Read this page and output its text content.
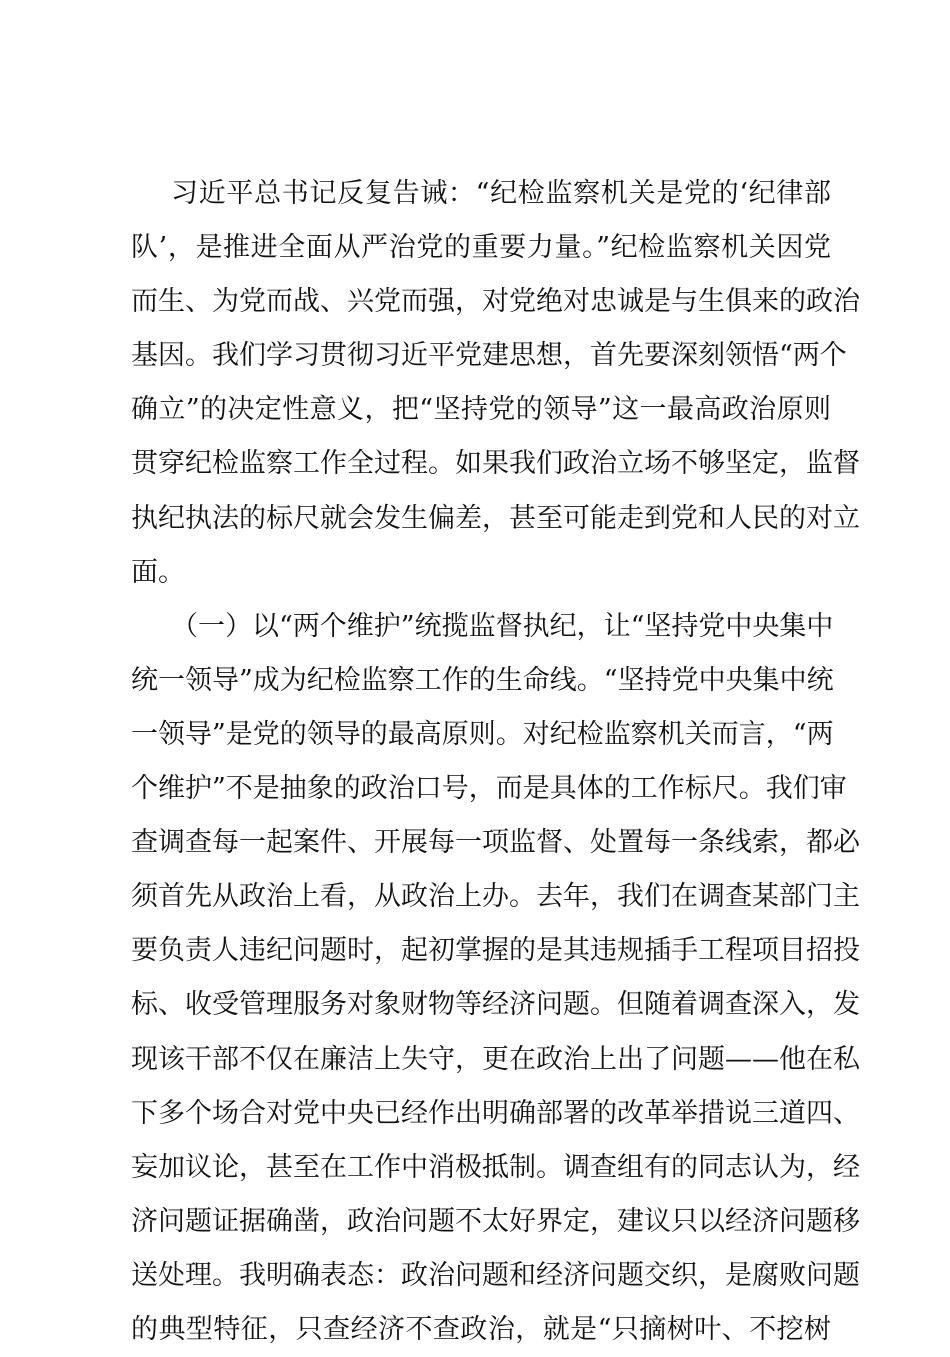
习近平总书记反复告诫：“纪检监察机关是党的‘纪律部
队’，是推进全面从严治党的重要力量。”纪检监察机关因党
而生、为党而战、兴党而强，对党绝对忠诚是与生俱来的政治
基因。我们学习贯彻习近平党建思想，首先要深刻领悟“两个
确立”的决定性意义，把“坚持党的领导”这一最高政治原则
贯穿纪检监察工作全过程。如果我们政治立场不够坚定，监督
执纪执法的标尺就会发生偏差，甚至可能走到党和人民的对立
面。
（一）以“两个维护”统揽监督执纪，让“坚持党中央集中
统一领导”成为纪检监察工作的生命线。“坚持党中央集中统
一领导”是党的领导的最高原则。对纪检监察机关而言，“两
个维护”不是抽象的政治口号，而是具体的工作标尺。我们审
查调查每一起案件、开展每一项监督、处置每一条线索，都必
须首先从政治上看，从政治上办。去年，我们在调查某部门主
要负责人违纪问题时，起初掌握的是其违规插手工程项目招投
标、收受管理服务对象财物等经济问题。但随着调查深入，发
现该干部不仅在廉洁上失守，更在政治上出了问题——他在私
下多个场合对党中央已经作出明确部署的改革举措说三道四、
妄加议论，甚至在工作中消极抵制。调查组有的同志认为，经
济问题证据确凿，政治问题不太好界定，建议只以经济问题移
送处理。我明确表态：政治问题和经济问题交织，是腐败问题
的典型特征，只查经济不查政治，就是“只摘树叶、不挖树
